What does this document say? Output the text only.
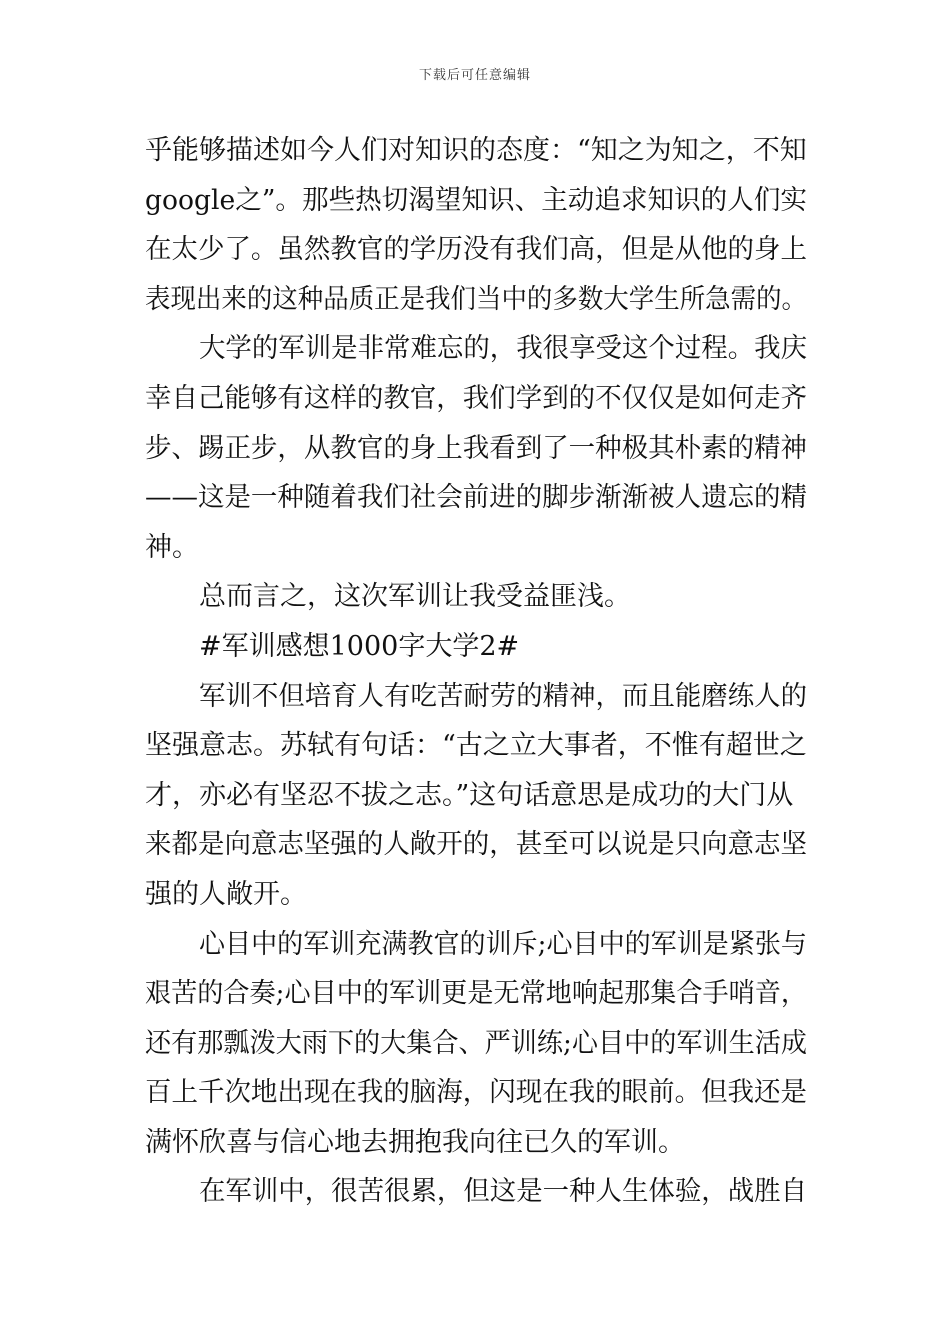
下载后可任意编辑
乎能够描述如今人们对知识的态度：“知之为知之，不知
google之”。那些热切渴望知识、主动追求知识的人们实
在太少了。虽然教官的学历没有我们高，但是从他的身上
表现出来的这种品质正是我们当中的多数大学生所急需的。
大学的军训是非常难忘的，我很享受这个过程。我庆
幸自己能够有这样的教官，我们学到的不仅仅是如何走齐
步、踢正步，从教官的身上我看到了一种极其朴素的精神
——这是一种随着我们社会前进的脚步渐渐被人遗忘的精
神。
总而言之，这次军训让我受益匪浅。
#军训感想1000字大学2#
军训不但培育人有吃苦耐劳的精神，而且能磨练人的
坚强意志。苏轼有句话：“古之立大事者，不惟有超世之
才，亦必有坚忍不拔之志。”这句话意思是成功的大门从
来都是向意志坚强的人敞开的，甚至可以说是只向意志坚
强的人敞开。
心目中的军训充满教官的训斥;心目中的军训是紧张与
艰苦的合奏;心目中的军训更是无常地响起那集合手哨音，
还有那瓢泼大雨下的大集合、严训练;心目中的军训生活成
百上千次地出现在我的脑海，闪现在我的眼前。但我还是
满怀欣喜与信心地去拥抱我向往已久的军训。
在军训中，很苦很累，但这是一种人生体验，战胜自
